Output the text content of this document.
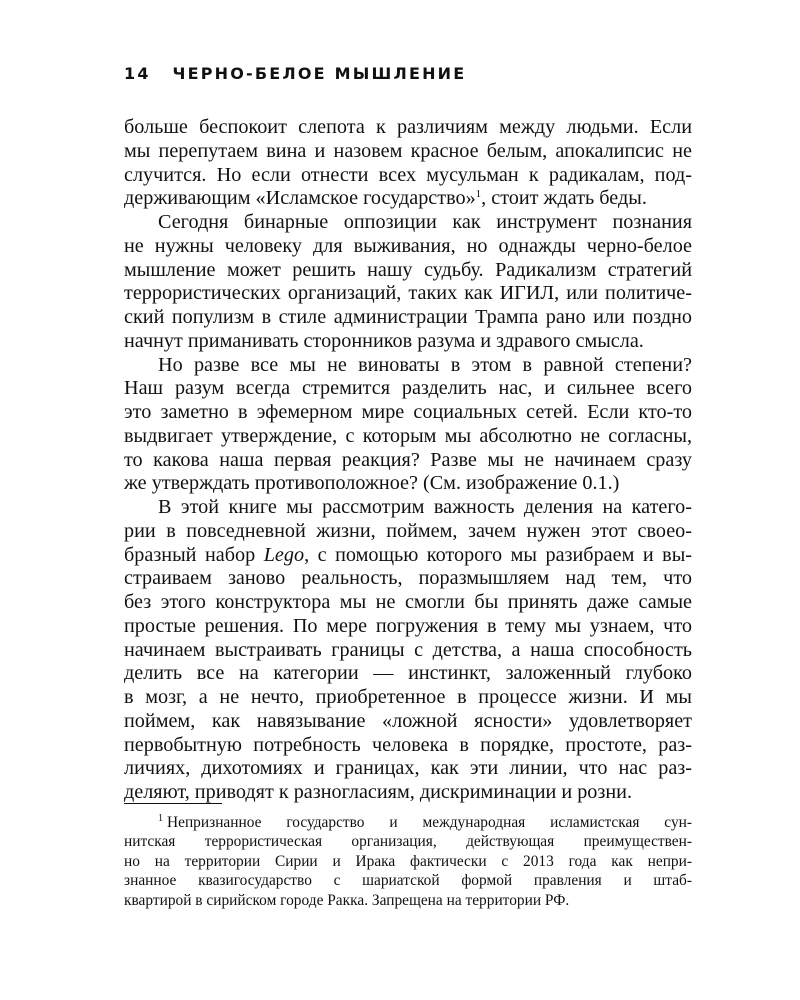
14 ЧЕРНО-БЕЛОЕ МЫШЛЕНИЕ
больше беспокоит слепота к различиям между людьми. Если
мы перепутаем вина и назовем красное белым, апокалипсис не
случится. Но если отнести всех мусульман к радикалам, под-
держивающим «Исламское государство»$^1$, стоит ждать беды.
Сегодня бинарные оппозиции как инструмент познания
не нужны человеку для выживания, но однажды черно-белое
мышление может решить нашу судьбу. Радикализм стратегий
террористических организаций, таких как ИГИЛ, или политиче-
ский популизм в стиле администрации Трампа рано или поздно
начнут приманивать сторонников разума и здравого смысла.
Но разве все мы не виноваты в этом в равной степени?
Наш разум всегда стремится разделить нас, и сильнее всего
это заметно в эфемерном мире социальных сетей. Если кто-то
выдвигает утверждение, с которым мы абсолютно не согласны,
то какова наша первая реакция? Разве мы не начинаем сразу
же утверждать противоположное? (См. изображение 0.1.)
В этой книге мы рассмотрим важность деления на катего-
рии в повседневной жизни, поймем, зачем нужен этот своео-
бразный набор Lego, с помощью которого мы разибраем и вы-
страиваем заново реальность, поразмышляем над тем, что
без этого конструктора мы не смогли бы принять даже самые
простые решения. По мере погружения в тему мы узнаем, что
начинаем выстраивать границы с детства, а наша способность
делить все на категории — инстинкт, заложенный глубоко
в мозг, а не нечто, приобретенное в процессе жизни. И мы
поймем, как навязывание «ложной ясности» удовлетворяет
первобытную потребность человека в порядке, простоте, раз-
личиях, дихотомиях и границах, как эти линии, что нас раз-
деляют, приводят к разногласиям, дискриминации и розни.
$^1$ Непризнанное государство и международная исламистская сун-
нитская террористическая организация, действующая преимуществен-
но на территории Сирии и Ирака фактически с 2013 года как непри-
знанное квазигосударство с шариатской формой правления и штаб-
квартирой в сирийском городе Ракка. Запрещена на территории РФ.
